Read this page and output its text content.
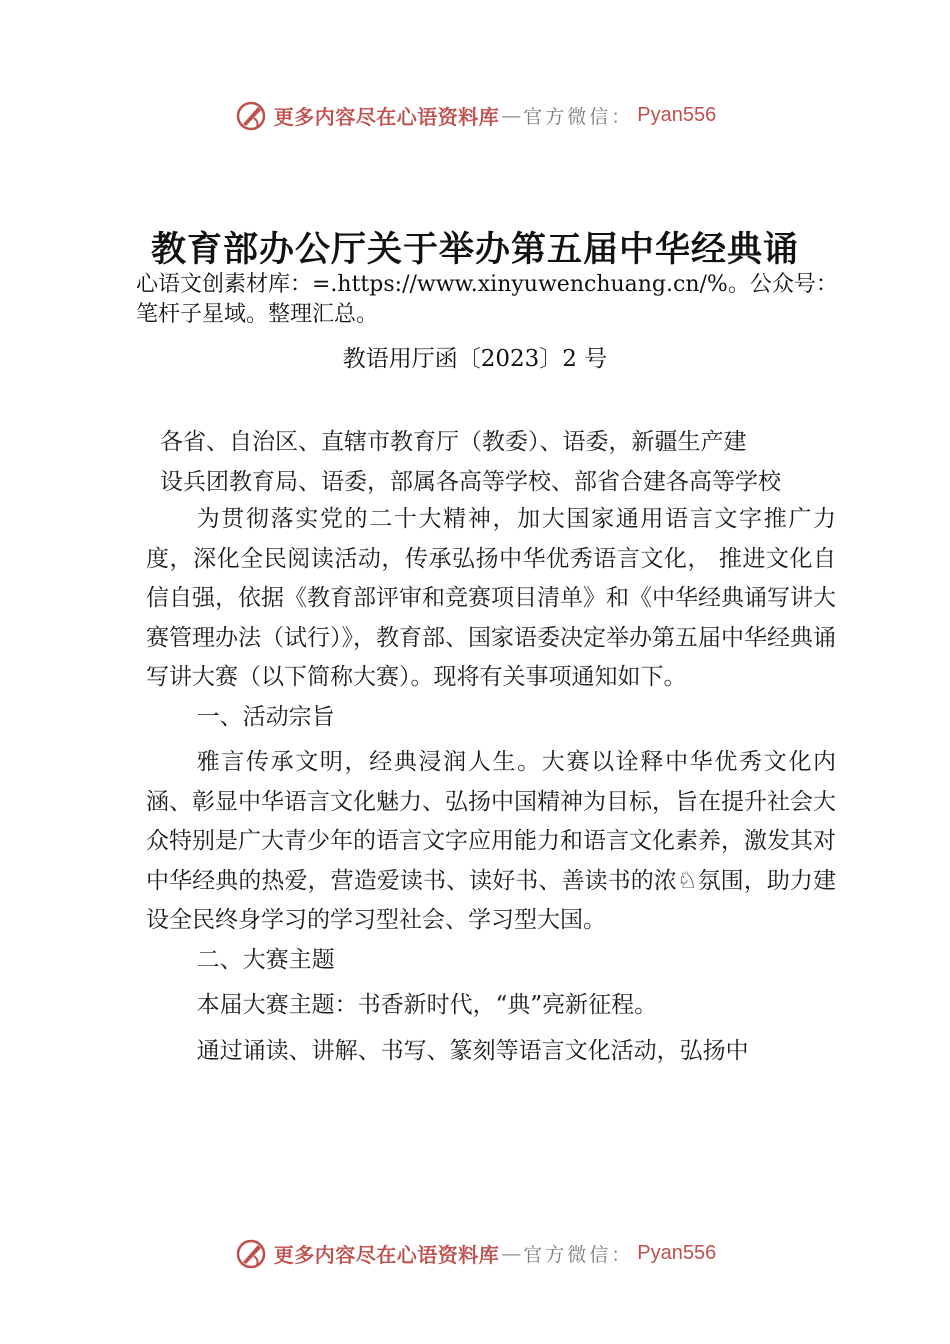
更多内容尽在心语资料库 — 官方微信： Pyan556
教育部办公厅关于举办第五届中华经典诵
心语文创素材库：=.https://www.xinyuwenchuang.cn/%。公众号：笔杆子星域。整理汇总。
教语用厅函〔2023〕2 号
各省、自治区、直辖市教育厅（教委）、语委，新疆生产建
设兵团教育局、语委，部属各高等学校、部省合建各高等学校

为贯彻落实党的二十大精神，加大国家通用语言文字推广力度，深化全民阅读活动，传承弘扬中华优秀语言文化， 推进文化自信自强，依据《教育部评审和竞赛项目清单》和《中华经典诵写讲大赛管理办法（试行）》，教育部、国家语委决定举办第五届中华经典诵写讲大赛（以下简称大赛）。现将有关事项通知如下。

一、活动宗旨

雅言传承文明，经典浸润人生。大赛以诠释中华优秀文化内涵、彰显中华语言文化魅力、弘扬中国精神为目标，旨在提升社会大众特别是广大青少年的语言文字应用能力和语言文化素养，激发其对中华经典的热爱，营造爱读书、读好书、善读书的浓♘氛围，助力建设全民终身学习的学习型社会、学习型大国。

二、大赛主题

本届大赛主题：书香新时代，“典”亮新征程。

通过诵读、讲解、书写、篆刻等语言文化活动，弘扬中

更多内容尽在心语资料库 — 官方微信： Pyan556
